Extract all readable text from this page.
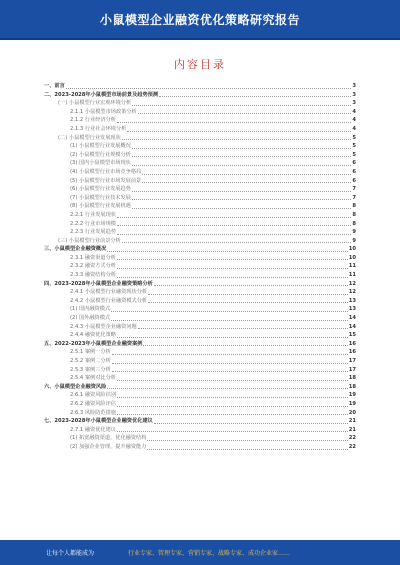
小鼠模型企业融资优化策略研究报告
内容目录
一、前言	3
二、2023-2028年小鼠模型市场前景及趋势预测	3
(一) 小鼠模型行业宏观环境分析	3
2.1.1 小鼠模型市场政策分析	4
2.1.2 行业经济分析	4
2.1.3 行业社会环境分析	4
(二) 小鼠模型行业发展现状	5
(1) 小鼠模型行业发展概况	5
(2) 小鼠模型行业规模分析	5
(3) 国内小鼠模型市场现状	6
(4) 小鼠模型行业市场竞争格局	6
(5) 小鼠模型行业市场发展前景	6
(6) 小鼠模型行业发展趋势	7
(7) 小鼠模型行业技术发展	7
(8) 小鼠模型行业发展机遇	8
2.2.1 行业发展现状	8
2.2.2 行业市场规模	8
2.2.3 行业发展趋势	9
(三) 小鼠模型行业前景分析	9
三、小鼠模型企业融资概况	10
2.3.1 融资渠道分析	10
2.3.2 融资方式分析	11
2.3.3 融资结构分析	11
四、2023-2028年小鼠模型企业融资策略分析	12
2.4.1 小鼠模型行业融资现状分析	12
2.4.2 小鼠模型行业融资模式分析	13
(1) 国内融资模式	13
(2) 国外融资模式	14
2.4.3 小鼠模型企业融资问题	14
2.4.4 融资优化策略	15
五、2022-2023年小鼠模型企业融资案例	16
2.5.1 案例一分析	16
2.5.2 案例二分析	17
2.5.3 案例三分析	17
2.5.4 案例对比分析	18
六、小鼠模型企业融资风险	18
2.6.1 融资风险识别	19
2.6.2 融资风险评估	19
2.6.3 风险防范措施	20
七、2023-2028年小鼠模型企业融资优化建议	21
2.7.1 融资优化建议	21
(1) 拓宽融资渠道，优化融资结构	22
(2) 加强企业管理，提升融资能力	22
让每个人都能成为	行业专家、管理专家、营销专家、战略专家、成功企业家……
